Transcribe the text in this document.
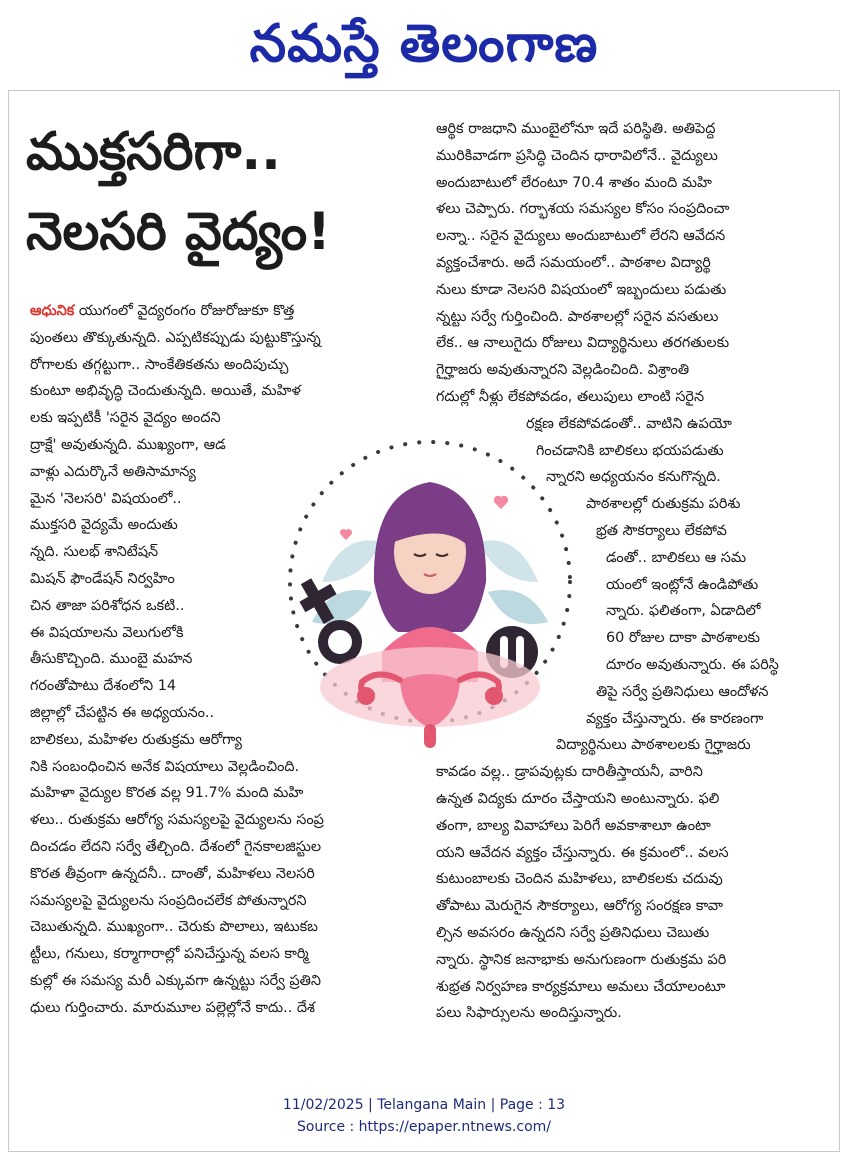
నమస్తే తెలంగాణ
ముక్తసరిగా..
నెలసరి వైద్యం!
ఆధునిక యుగంలో వైద్యరంగం రోజురోజుకూ కొత్త
పుంతలు తొక్కుతున్నది. ఎప్పటికప్పుడు పుట్టుకొస్తున్న
రోగాలకు తగ్గట్టుగా.. సాంకేతికతను అందిపుచ్చు
కుంటూ అభివృద్ధి చెందుతున్నది. అయితే, మహిళ
లకు ఇప్పటికీ 'సరైన వైద్యం అందని
ద్రాక్షే' అవుతున్నది. ముఖ్యంగా, ఆడ
వాళ్లు ఎదుర్కొనే అతిసామాన్య
మైన 'నెలసరి' విషయంలో..
ముక్తసరి వైద్యమే అందుతు
న్నది. సులభ్ శానిటేషన్
మిషన్ ఫౌండేషన్ నిర్వహిం
చిన తాజా పరిశోధన ఒకటి..
ఈ విషయాలను వెలుగులోకి
తీసుకొచ్చింది. ముంబై మహన
గరంతోపాటు దేశంలోని 14
జిల్లాల్లో చేపట్టిన ఈ అధ్యయనం..
బాలికలు, మహిళల రుతుక్రమ ఆరోగ్యా
నికి సంబంధించిన అనేక విషయాలు వెల్లడించింది.
మహిళా వైద్యుల కొరత వల్ల 91.7% మంది మహి
ళలు.. రుతుక్రమ ఆరోగ్య సమస్యలపై వైద్యులను సంప్ర
దించడం లేదని సర్వే తేల్చింది. దేశంలో గైనకాలజిస్టుల
కొరత తీవ్రంగా ఉన్నదనీ.. దాంతో, మహిళలు నెలసరి
సమస్యలపై వైద్యులను సంప్రదించలేక పోతున్నారని
చెబుతున్నది. ముఖ్యంగా.. చెరుకు పొలాలు, ఇటుకబ
ట్టీలు, గనులు, కర్మాగారాల్లో పనిచేస్తున్న వలస కార్మి
కుల్లో ఈ సమస్య మరీ ఎక్కువగా ఉన్నట్టు సర్వే ప్రతిని
ధులు గుర్తించారు. మారుమూల పల్లెల్లోనే కాదు.. దేశ
ఆర్థిక రాజధాని ముంబైలోనూ ఇదే పరిస్థితి. అతిపెద్ద
మురికివాడగా ప్రసిద్ధి చెందిన ధారావిలోనే.. వైద్యులు
అందుబాటులో లేరంటూ 70.4 శాతం మంది మహి
ళలు చెప్పారు. గర్భాశయ సమస్యల కోసం సంప్రదించా
లన్నా.. సరైన వైద్యులు అందుబాటులో లేరని ఆవేదన
వ్యక్తంచేశారు. అదే సమయంలో.. పాఠశాల విద్యార్థి
నులు కూడా నెలసరి విషయంలో ఇబ్బందులు పడుతు
న్నట్టు సర్వే గుర్తించింది. పాఠశాలల్లో సరైన వసతులు
లేక.. ఆ నాలుగైదు రోజులు విద్యార్థినులు తరగతులకు
గైర్హాజరు అవుతున్నారని వెల్లడించింది. విశ్రాంతి
గదుల్లో నీళ్లు లేకపోవడం, తలుపులు లాంటి సరైన
రక్షణ లేకపోవడంతో.. వాటిని ఉపయో
గించడానికి బాలికలు భయపడుతు
న్నారని అధ్యయనం కనుగొన్నది.
పాఠశాలల్లో రుతుక్రమ పరిశు
భ్రత సౌకర్యాలు లేకపోవ
డంతో.. బాలికలు ఆ సమ
యంలో ఇంట్లోనే ఉండిపోతు
న్నారు. ఫలితంగా, ఏడాదిలో
60 రోజుల దాకా పాఠశాలకు
దూరం అవుతున్నారు. ఈ పరిస్థి
తిపై సర్వే ప్రతినిధులు ఆందోళన
వ్యక్తం చేస్తున్నారు. ఈ కారణంగా
విద్యార్థినులు పాఠశాలలకు గైర్హాజరు
కావడం వల్ల.. డ్రాపవుట్లకు దారితీస్తాయనీ, వారిని
ఉన్నత విద్యకు దూరం చేస్తాయని అంటున్నారు. ఫలి
తంగా, బాల్య వివాహాలు పెరిగే అవకాశాలూ ఉంటా
యని ఆవేదన వ్యక్తం చేస్తున్నారు. ఈ క్రమంలో.. వలస
కుటుంబాలకు చెందిన మహిళలు, బాలికలకు చదువు
తోపాటు మెరుగైన సౌకర్యాలు, ఆరోగ్య సంరక్షణ కావా
ల్సిన అవసరం ఉన్నదని సర్వే ప్రతినిధులు చెబుతు
న్నారు. స్థానిక జనాభాకు అనుగుణంగా రుతుక్రమ పరి
శుభ్రత నిర్వహణ కార్యక్రమాలు అమలు చేయాలంటూ
పలు సిఫార్సులను అందిస్తున్నారు.
11/02/2025 | Telangana Main | Page : 13
Source : https://epaper.ntnews.com/
